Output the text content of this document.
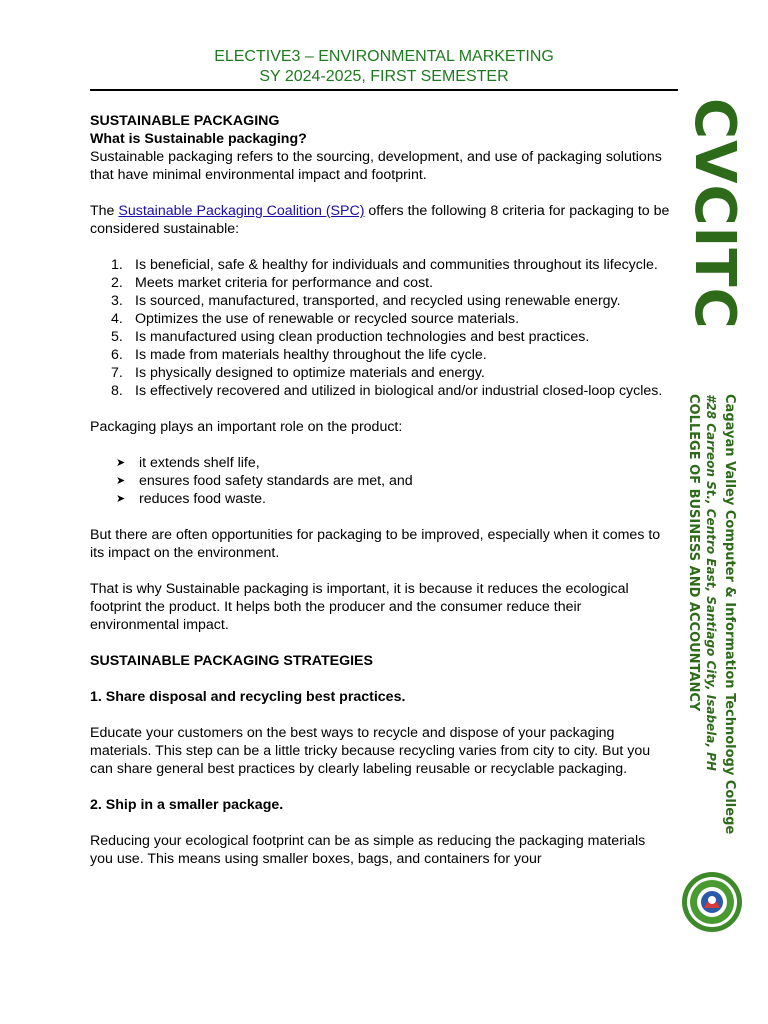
ELECTIVE3 – ENVIRONMENTAL MARKETING
SY 2024-2025, FIRST SEMESTER

SUSTAINABLE PACKAGING

What is Sustainable packaging?

Sustainable packaging refers to the sourcing, development, and use of packaging solutions that have minimal environmental impact and footprint.

The Sustainable Packaging Coalition (SPC) offers the following 8 criteria for packaging to be considered sustainable:

1. Is beneficial, safe & healthy for individuals and communities throughout its lifecycle.
2. Meets market criteria for performance and cost.
3. Is sourced, manufactured, transported, and recycled using renewable energy.
4. Optimizes the use of renewable or recycled source materials.
5. Is manufactured using clean production technologies and best practices.
6. Is made from materials healthy throughout the life cycle.
7. Is physically designed to optimize materials and energy.
8. Is effectively recovered and utilized in biological and/or industrial closed-loop cycles.

Packaging plays an important role on the product:

➤ it extends shelf life,
➤ ensures food safety standards are met, and
➤ reduces food waste.

But there are often opportunities for packaging to be improved, especially when it comes to its impact on the environment.

That is why Sustainable packaging is important, it is because it reduces the ecological footprint the product. It helps both the producer and the consumer reduce their environmental impact.

SUSTAINABLE PACKAGING STRATEGIES

1. Share disposal and recycling best practices.

Educate your customers on the best ways to recycle and dispose of your packaging materials. This step can be a little tricky because recycling varies from city to city. But you can share general best practices by clearly labeling reusable or recyclable packaging.

2. Ship in a smaller package.

Reducing your ecological footprint can be as simple as reducing the packaging materials you use. This means using smaller boxes, bags, and containers for your

CVCITC
Cagayan Valley Computer & Information Technology College
#28 Carreon St., Centro East, Santiago City, Isabela, PH
COLLEGE OF BUSINESS AND ACCOUNTANCY
